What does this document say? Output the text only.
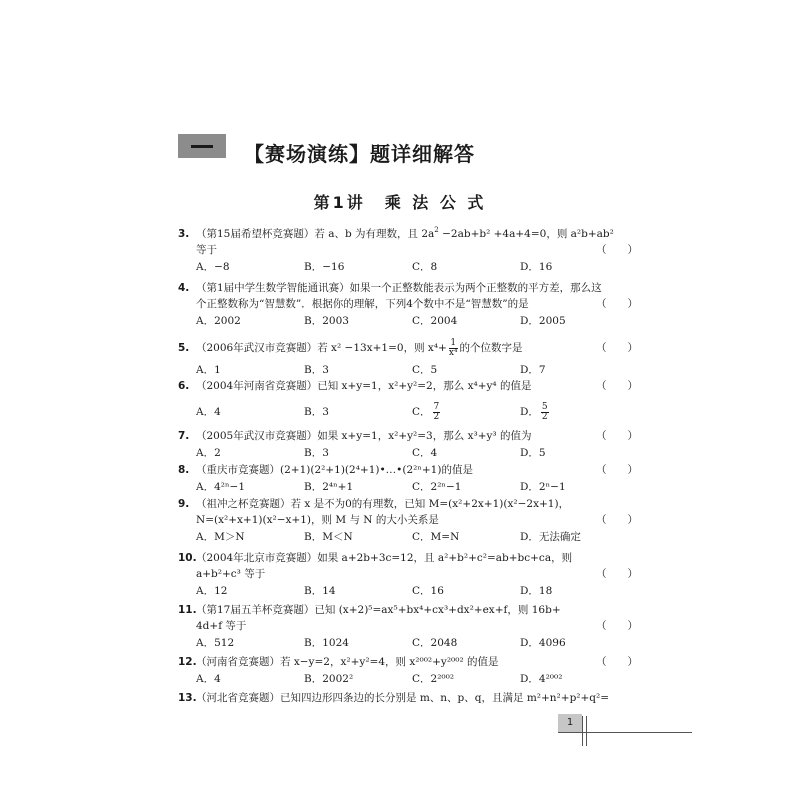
【赛场演练】题详细解答
第1讲　乘 法 公 式
3. （第15届希望杯竞赛题）若 a、b 为有理数，且 $2a^2 -2ab+b^2 +4a+4=0$，则 a²b+ab²
等于	（　　）
A．−8	B．−16	C．8	D．16
4. （第1届中学生数学智能通讯赛）如果一个正整数能表示为两个正整数的平方差，那么这
个正整数称为“智慧数”．根据你的理解，下列4个数中不是“智慧数”的是	（　　）
A．2002	B．2003	C．2004	D．2005
5. （2006年武汉市竞赛题）若 x² −13x+1=0，则 $x^4+ \frac{1}{\text{x⁴}}$ 的个位数字是	（　　）
A．1	B．3	C．5	D．7
6. （2004年河南省竞赛题）已知 x+y=1，x²+y²=2，那么 x⁴+y⁴ 的值是	（　　）
A．4	B．3	C． $\frac{7}{2}$	D． $\frac{5}{2}$
7. （2005年武汉市竞赛题）如果 x+y=1，x²+y²=3，那么 x³+y³ 的值为	（　　）
A．2	B．3	C．4	D．5
8. （重庆市竞赛题）(2+1)(2²+1)(2⁴+1)•…•(2²ⁿ+1)的值是	（　　）
A．4²ⁿ−1	B．2⁴ⁿ+1	C．2²ⁿ−1	D．2ⁿ−1
9. （祖冲之杯竞赛题）若 x 是不为0的有理数，已知 M=(x²+2x+1)(x²−2x+1)，
N=(x²+x+1)(x²−x+1)，则 M 与 N 的大小关系是	（　　）
A．M＞N	B．M＜N	C．M=N	D．无法确定
10. （2004年北京市竞赛题）如果 a+2b+3c=12，且 a²+b²+c²=ab+bc+ca，则
a+b²+c³ 等于	（　　）
A．12	B．14	C．16	D．18
11. （第17届五羊杯竞赛题）已知 (x+2)⁵=ax⁵+bx⁴+cx³+dx²+ex+f，则 16b+
4d+f 等于	（　　）
A．512	B．1024	C．2048	D．4096
12. （河南省竞赛题）若 x−y=2，x²+y²=4，则 x²⁰⁰²+y²⁰⁰² 的值是	（　　）
A．4	B．2002²	C．2²⁰⁰²	D．4²⁰⁰²
13. （河北省竞赛题）已知四边形四条边的长分别是 m、n、p、q，且满足 m²+n²+p²+q²=
1
